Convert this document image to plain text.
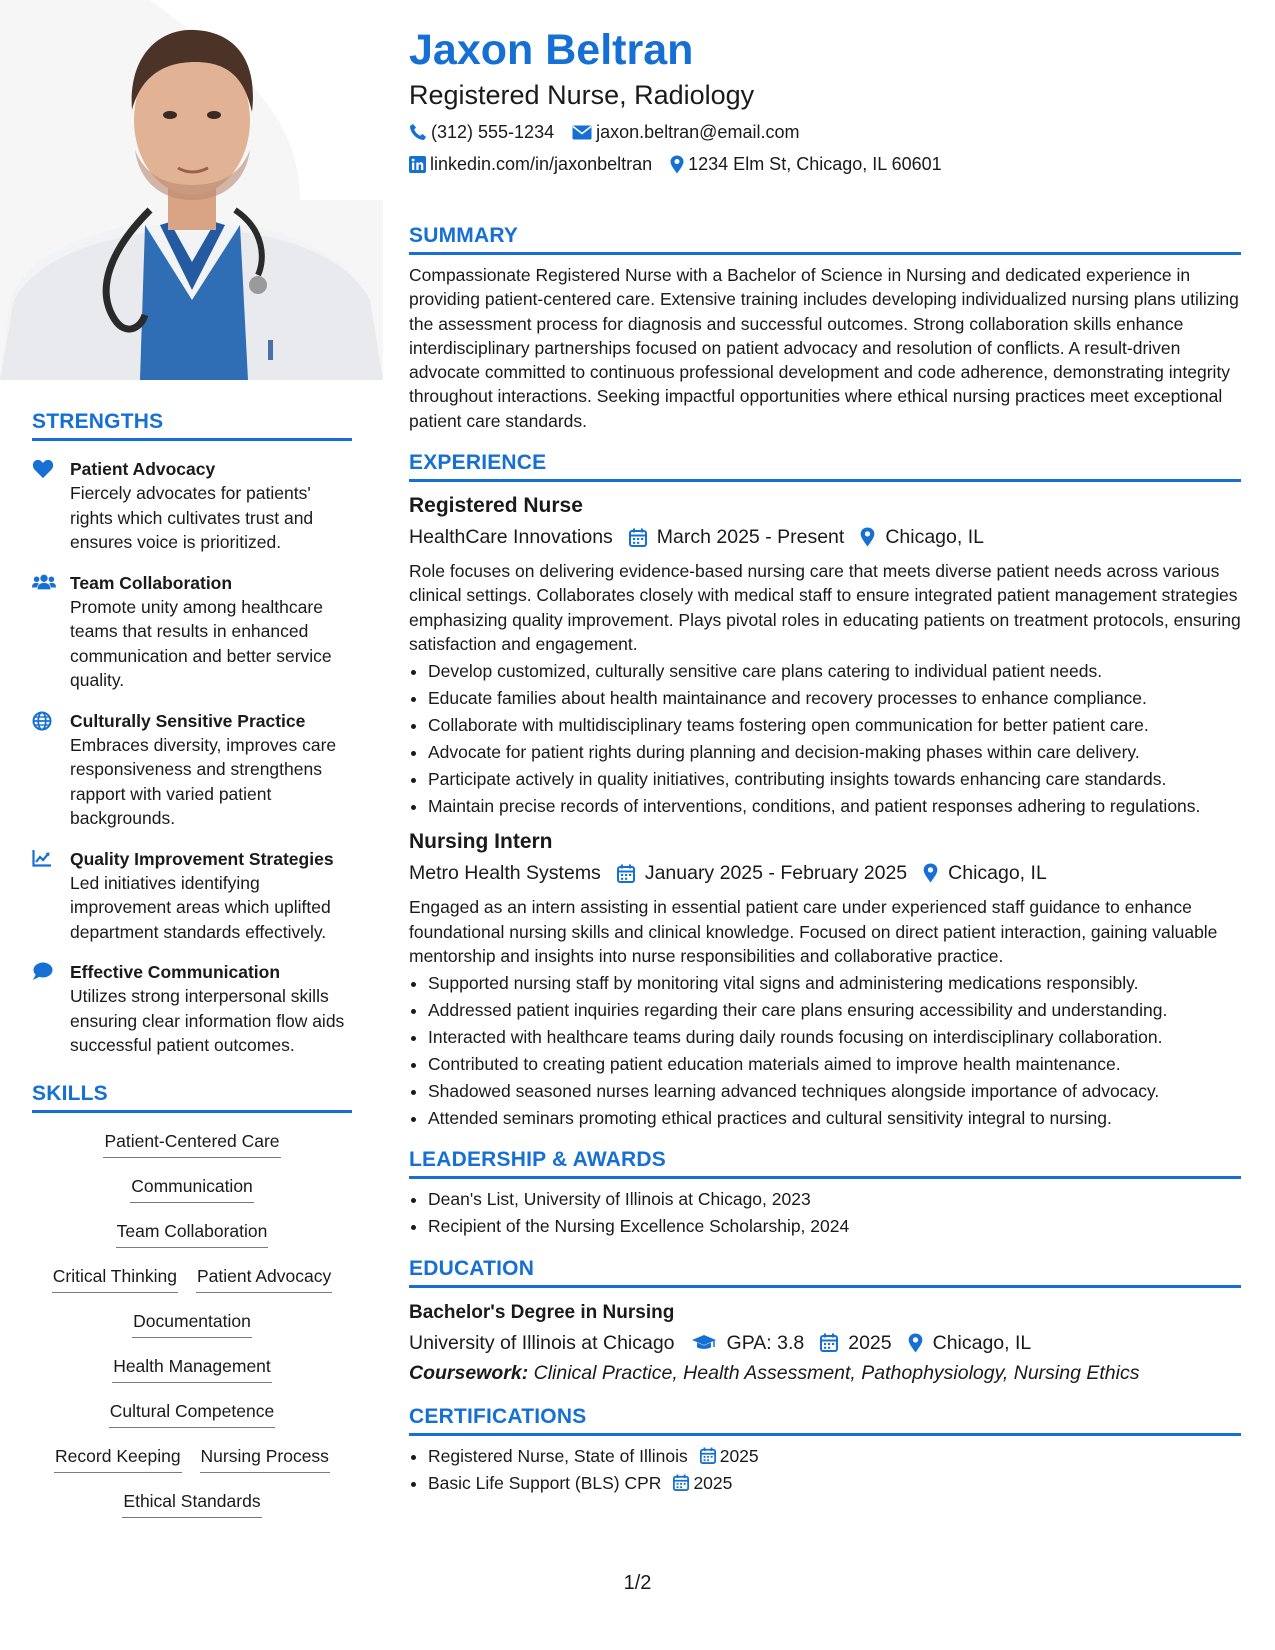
STRENGTHS
Patient Advocacy
Fiercely advocates for patients' rights which cultivates trust and ensures voice is prioritized.
Team Collaboration
Promote unity among healthcare teams that results in enhanced communication and better service quality.
Culturally Sensitive Practice
Embraces diversity, improves care responsiveness and strengthens rapport with varied patient backgrounds.
Quality Improvement Strategies
Led initiatives identifying improvement areas which uplifted department standards effectively.
Effective Communication
Utilizes strong interpersonal skills ensuring clear information flow aids successful patient outcomes.
SKILLS
Patient-Centered Care
Communication
Team Collaboration
Critical Thinking Patient Advocacy
Documentation
Health Management
Cultural Competence
Record Keeping Nursing Process
Ethical Standards
Jaxon Beltran
Registered Nurse, Radiology
(312) 555-1234 jaxon.beltran@email.com
linkedin.com/in/jaxonbeltran 1234 Elm St, Chicago, IL 60601
SUMMARY

Compassionate Registered Nurse with a Bachelor of Science in Nursing and dedicated experience in providing patient-centered care. Extensive training includes developing individualized nursing plans utilizing the assessment process for diagnosis and successful outcomes. Strong collaboration skills enhance interdisciplinary partnerships focused on patient advocacy and resolution of conflicts. A result-driven advocate committed to continuous professional development and code adherence, demonstrating integrity throughout interactions. Seeking impactful opportunities where ethical nursing practices meet exceptional patient care standards.

EXPERIENCE
Registered Nurse
HealthCare Innovations March 2025 - Present Chicago, IL

Role focuses on delivering evidence-based nursing care that meets diverse patient needs across various clinical settings. Collaborates closely with medical staff to ensure integrated patient management strategies emphasizing quality improvement. Plays pivotal roles in educating patients on treatment protocols, ensuring satisfaction and engagement.

• Develop customized, culturally sensitive care plans catering to individual patient needs.
• Educate families about health maintainance and recovery processes to enhance compliance.
• Collaborate with multidisciplinary teams fostering open communication for better patient care.
• Advocate for patient rights during planning and decision-making phases within care delivery.
• Participate actively in quality initiatives, contributing insights towards enhancing care standards.
• Maintain precise records of interventions, conditions, and patient responses adhering to regulations.
Nursing Intern
Metro Health Systems January 2025 - February 2025 Chicago, IL

Engaged as an intern assisting in essential patient care under experienced staff guidance to enhance foundational nursing skills and clinical knowledge. Focused on direct patient interaction, gaining valuable mentorship and insights into nurse responsibilities and collaborative practice.

• Supported nursing staff by monitoring vital signs and administering medications responsibly.
• Addressed patient inquiries regarding their care plans ensuring accessibility and understanding.
• Interacted with healthcare teams during daily rounds focusing on interdisciplinary collaboration.
• Contributed to creating patient education materials aimed to improve health maintenance.
• Shadowed seasoned nurses learning advanced techniques alongside importance of advocacy.
• Attended seminars promoting ethical practices and cultural sensitivity integral to nursing.
LEADERSHIP & AWARDS
• Dean's List, University of Illinois at Chicago, 2023
• Recipient of the Nursing Excellence Scholarship, 2024
EDUCATION
Bachelor's Degree in Nursing
University of Illinois at Chicago	GPA: 3.8 2025 Chicago, IL
Coursework: Clinical Practice, Health Assessment, Pathophysiology, Nursing Ethics
CERTIFICATIONS
• Registered Nurse, State of Illinois 2025
• Basic Life Support (BLS) CPR 2025
1/2
